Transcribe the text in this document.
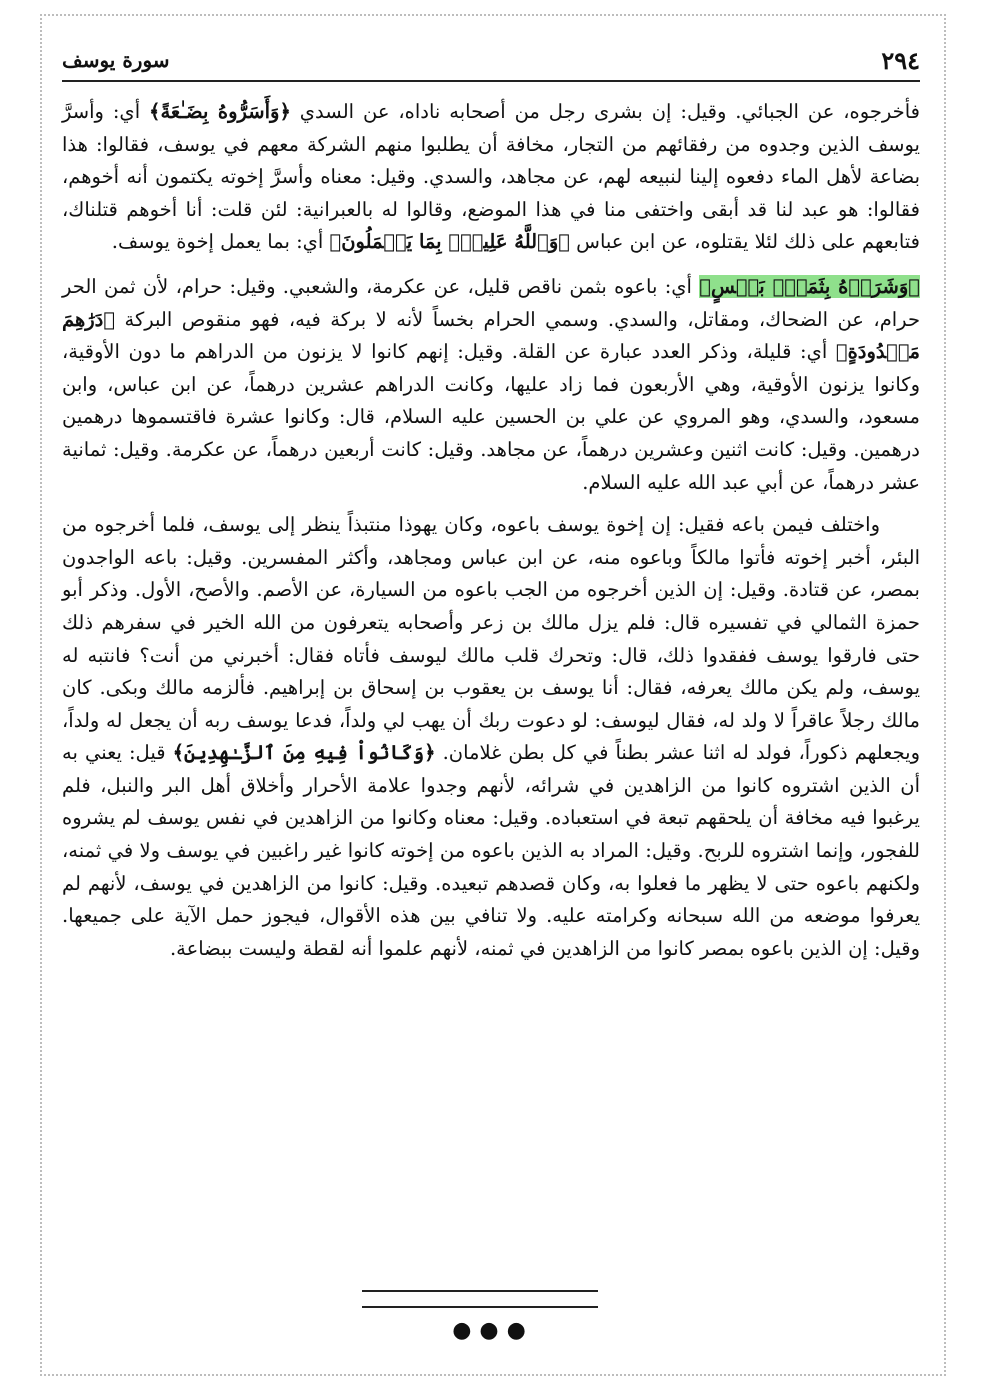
٢٩٤
سورة يوسف

فأخرجوه، عن الجبائي. وقيل: إن بشرى رجل من أصحابه ناداه، عن السدي ﴿وَأَسَرُّوهُ بِضَـٰعَةً﴾ أي: وأسرَّ يوسف الذين وجدوه من رفقائهم من التجار، مخافة أن يطلبوا منهم الشركة معهم في يوسف، فقالوا: هذا بضاعة لأهل الماء دفعوه إلينا لنبيعه لهم، عن مجاهد، والسدي. وقيل: معناه وأسرَّ إخوته يكتمون أنه أخوهم، فقالوا: هو عبد لنا قد أبقى واختفى منا في هذا الموضع، وقالوا له بالعبرانية: لئن قلت: أنا أخوهم قتلناك، فتابعهم على ذلك لئلا يقتلوه، عن ابن عباس ﴿وَٱللَّهُ عَلِيمُۢ بِمَا يَعۡمَلُونَ﴾ أي: بما يعمل إخوة يوسف.

﴿وَشَرَوۡهُ بِثَمَنِۭ بَخۡسٍ﴾ أي: باعوه بثمن ناقص قليل، عن عكرمة، والشعبي. وقيل: حرام، لأن ثمن الحر حرام، عن الضحاك، ومقاتل، والسدي. وسمي الحرام بخساً لأنه لا بركة فيه، فهو منقوص البركة ﴿دَرَٰهِمَ مَعۡدُودَةٍ﴾ أي: قليلة، وذكر العدد عبارة عن القلة. وقيل: إنهم كانوا لا يزنون من الدراهم ما دون الأوقية، وكانوا يزنون الأوقية، وهي الأربعون فما زاد عليها، وكانت الدراهم عشرين درهماً، عن ابن عباس، وابن مسعود، والسدي، وهو المروي عن علي بن الحسين عليه السلام، قال: وكانوا عشرة فاقتسموها درهمين درهمين. وقيل: كانت اثنين وعشرين درهماً، عن مجاهد. وقيل: كانت أربعين درهماً، عن عكرمة. وقيل: ثمانية عشر درهماً، عن أبي عبد الله عليه السلام.

واختلف فيمن باعه فقيل: إن إخوة يوسف باعوه، وكان يهوذا منتبذاً ينظر إلى يوسف، فلما أخرجوه من البئر، أخبر إخوته فأتوا مالكاً وباعوه منه، عن ابن عباس ومجاهد، وأكثر المفسرين. وقيل: باعه الواجدون بمصر، عن قتادة. وقيل: إن الذين أخرجوه من الجب باعوه من السيارة، عن الأصم. والأصح، الأول. وذكر أبو حمزة الثمالي في تفسيره قال: فلم يزل مالك بن زعر وأصحابه يتعرفون من الله الخير في سفرهم ذلك حتى فارقوا يوسف ففقدوا ذلك، قال: وتحرك قلب مالك ليوسف فأتاه فقال: أخبرني من أنت؟ فانتبه له يوسف، ولم يكن مالك يعرفه، فقال: أنا يوسف بن يعقوب بن إسحاق بن إبراهيم. فألزمه مالك وبكى. كان مالك رجلاً عاقراً لا ولد له، فقال ليوسف: لو دعوت ربك أن يهب لي ولداً، فدعا يوسف ربه أن يجعل له ولداً، ويجعلهم ذكوراً، فولد له اثنا عشر بطناً في كل بطن غلامان. ﴿وَكَانُواْ فِيهِ مِنَ ٱلزَّـٰهِدِينَ﴾ قيل: يعني به أن الذين اشتروه كانوا من الزاهدين في شرائه، لأنهم وجدوا علامة الأحرار وأخلاق أهل البر والنبل، فلم يرغبوا فيه مخافة أن يلحقهم تبعة في استعباده. وقيل: معناه وكانوا من الزاهدين في نفس يوسف لم يشروه للفجور، وإنما اشتروه للربح. وقيل: المراد به الذين باعوه من إخوته كانوا غير راغبين في يوسف ولا في ثمنه، ولكنهم باعوه حتى لا يظهر ما فعلوا به، وكان قصدهم تبعيده. وقيل: كانوا من الزاهدين في يوسف، لأنهم لم يعرفوا موضعه من الله سبحانه وكرامته عليه. ولا تنافي بين هذه الأقوال، فيجوز حمل الآية على جميعها. وقيل: إن الذين باعوه بمصر كانوا من الزاهدين في ثمنه، لأنهم علموا أنه لقطة وليست ببضاعة.

●●●
